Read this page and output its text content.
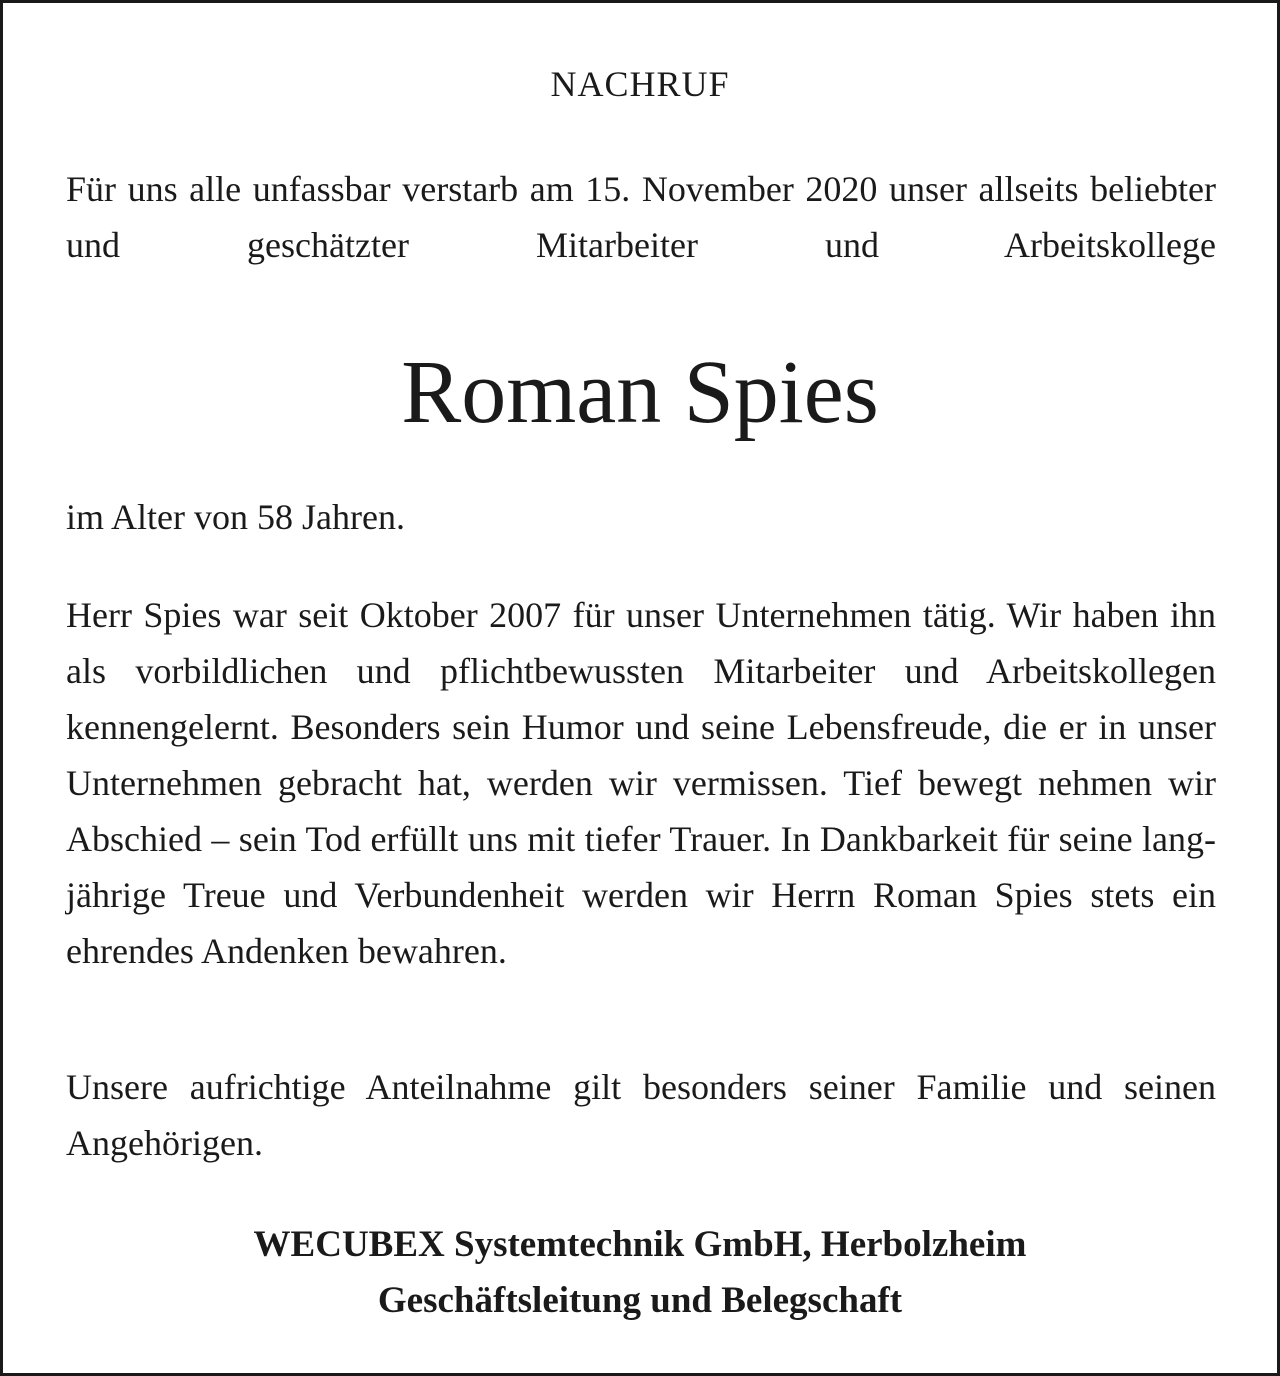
NACHRUF

Für uns alle unfassbar verstarb am 15. November 2020 unser allseits beliebter und geschätzter Mitarbeiter und Arbeitskollege

Roman Spies

im Alter von 58 Jahren.

Herr Spies war seit Oktober 2007 für unser Unternehmen tätig. Wir haben ihn als vorbildlichen und pflichtbewussten Mitarbeiter und Arbeitskollegen kennengelernt. Besonders sein Humor und seine Lebensfreude, die er in unser Unternehmen gebracht hat, werden wir vermissen. Tief bewegt nehmen wir Abschied – sein Tod erfüllt uns mit tiefer Trauer. In Dankbarkeit für seine langjährige Treue und Verbundenheit werden wir Herrn Roman Spies stets ein ehrendes Andenken bewahren.

Unsere aufrichtige Anteilnahme gilt besonders seiner Familie und seinen Angehörigen.

WECUBEX Systemtechnik GmbH, Herbolzheim
Geschäftsleitung und Belegschaft
